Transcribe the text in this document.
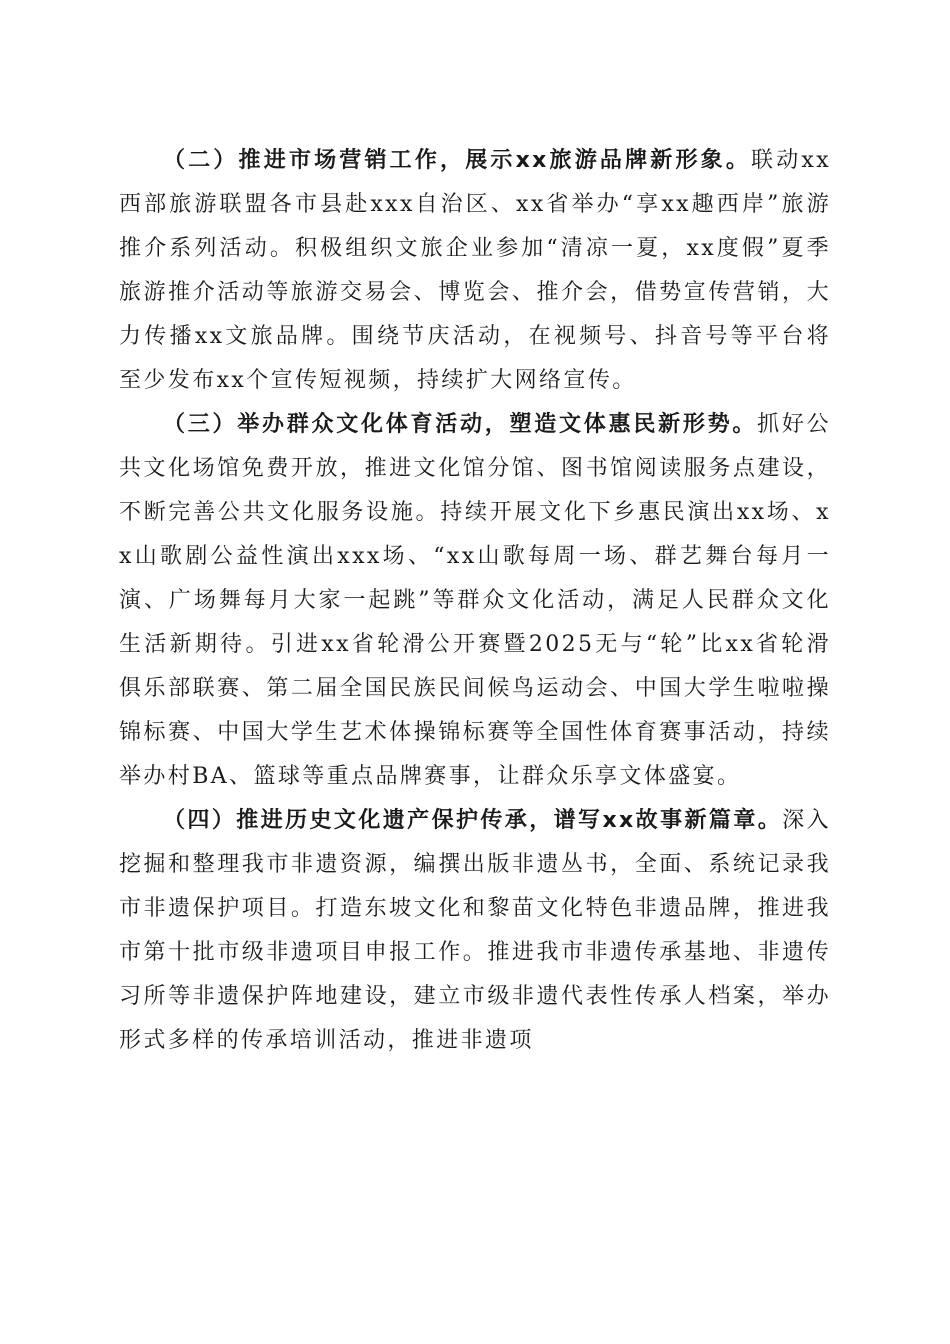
（二）推进市场营销工作，展示xx旅游品牌新形象。联动xx西部旅游联盟各市县赴xxx自治区、xx省举办“享xx趣西岸”旅游推介系列活动。积极组织文旅企业参加“清凉一夏，xx度假”夏季旅游推介活动等旅游交易会、博览会、推介会，借势宣传营销，大力传播xx文旅品牌。围绕节庆活动，在视频号、抖音号等平台将至少发布xx个宣传短视频，持续扩大网络宣传。

（三）举办群众文化体育活动，塑造文体惠民新形势。抓好公共文化场馆免费开放，推进文化馆分馆、图书馆阅读服务点建设，不断完善公共文化服务设施。持续开展文化下乡惠民演出xx场、xx山歌剧公益性演出xxx场、“xx山歌每周一场、群艺舞台每月一演、广场舞每月大家一起跳”等群众文化活动，满足人民群众文化生活新期待。引进xx省轮滑公开赛暨2025无与“轮”比xx省轮滑俱乐部联赛、第二届全国民族民间候鸟运动会、中国大学生啦啦操锦标赛、中国大学生艺术体操锦标赛等全国性体育赛事活动，持续举办村BA、篮球等重点品牌赛事，让群众乐享文体盛宴。

（四）推进历史文化遗产保护传承，谱写xx故事新篇章。深入挖掘和整理我市非遗资源，编撰出版非遗丛书，全面、系统记录我市非遗保护项目。打造东坡文化和黎苗文化特色非遗品牌，推进我市第十批市级非遗项目申报工作。推进我市非遗传承基地、非遗传习所等非遗保护阵地建设，建立市级非遗代表性传承人档案，举办形式多样的传承培训活动，推进非遗项
